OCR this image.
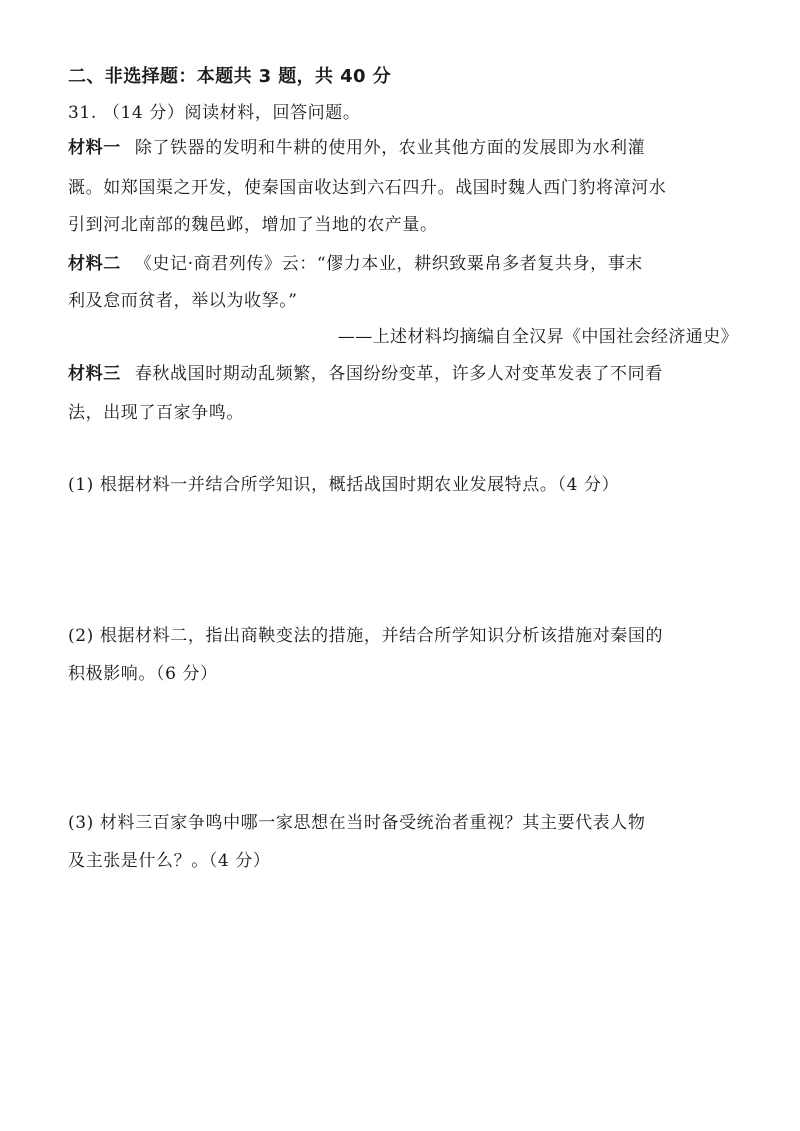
二、非选择题：本题共 3 题，共 40 分
31. （14 分）阅读材料，回答问题。
材料一 除了铁器的发明和牛耕的使用外，农业其他方面的发展即为水利灌
溉。如郑国渠之开发，使秦国亩收达到六石四升。战国时魏人西门豹将漳河水
引到河北南部的魏邑邺，增加了当地的农产量。
材料二 《史记·商君列传》云：“僇力本业，耕织致粟帛多者复共身，事末
利及怠而贫者，举以为收孥。”
——上述材料均摘编自全汉昇《中国社会经济通史》
材料三 春秋战国时期动乱频繁，各国纷纷变革，许多人对变革发表了不同看
法，出现了百家争鸣。
(1) 根据材料一并结合所学知识，概括战国时期农业发展特点。（4 分）
(2) 根据材料二，指出商鞅变法的措施，并结合所学知识分析该措施对秦国的
积极影响。（6 分）
(3) 材料三百家争鸣中哪一家思想在当时备受统治者重视？其主要代表人物
及主张是什么？。（4 分）
